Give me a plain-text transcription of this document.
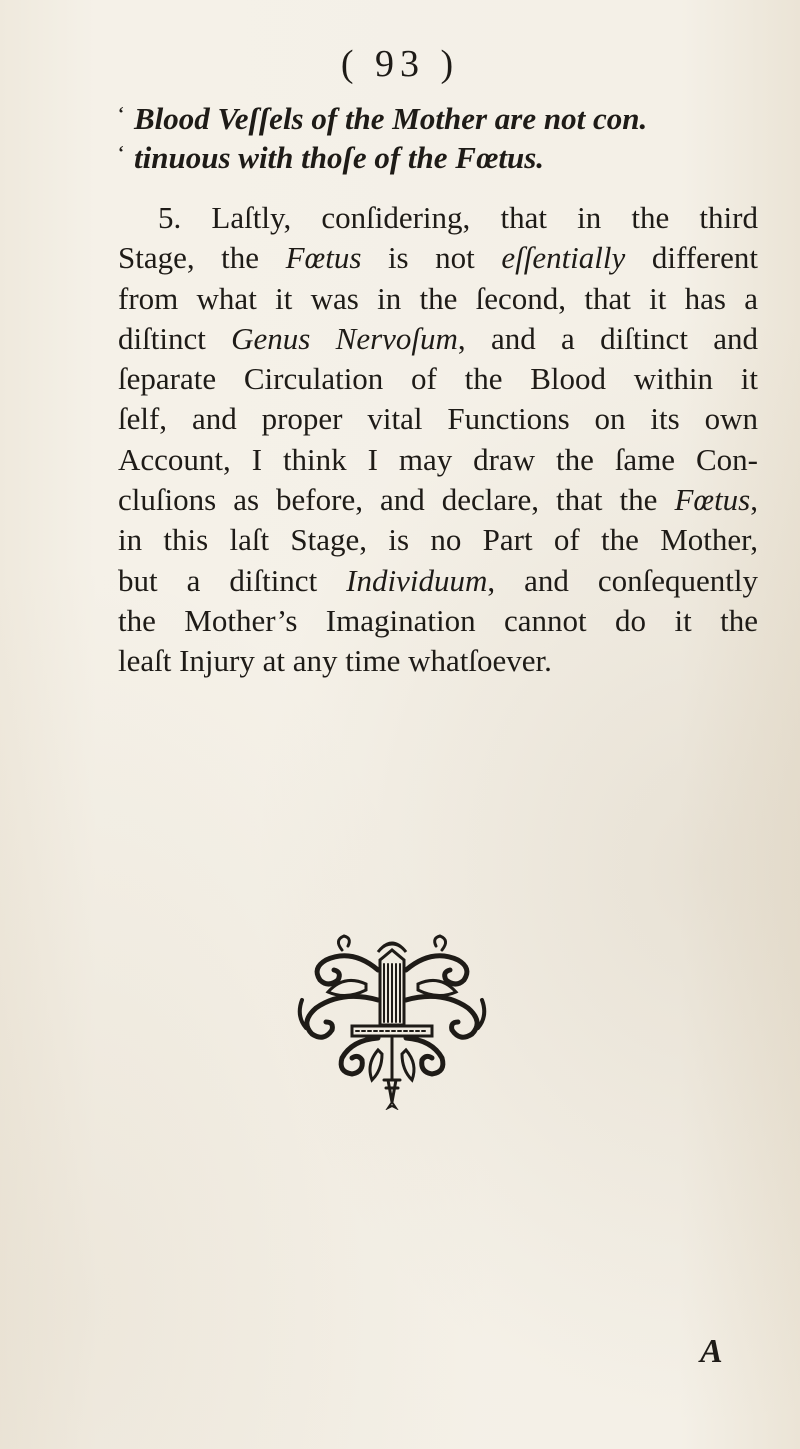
( 93 )
‘ Blood Veſſels of the Mother are not con.
‘ tinuous with thoſe of the Fœtus.
5. Laſtly, conſidering, that in the third
Stage, the Fœtus is not eſſentially different
from what it was in the ſecond, that it has a
diſtinct Genus Nervoſum, and a diſtinct and
ſeparate Circulation of the Blood within it
ſelf, and proper vital Functions on its own
Account, I think I may draw the ſame Con-
cluſions as before, and declare, that the Fœtus,
in this laſt Stage, is no Part of the Mother,
but a diſtinct Individuum, and conſequently
the Mother’s Imagination cannot do it the
leaſt Injury at any time whatſoever.
A
